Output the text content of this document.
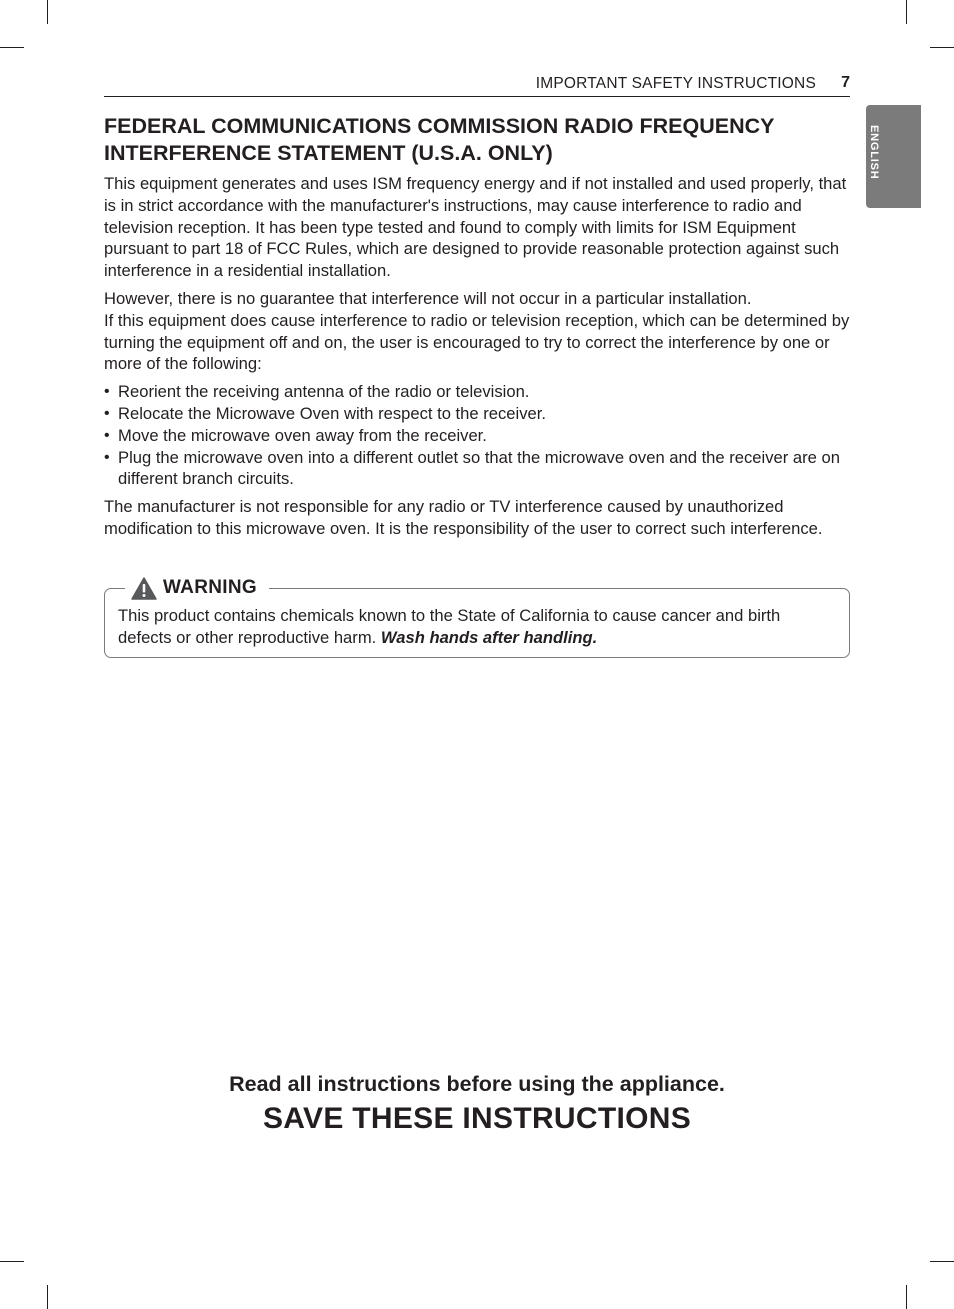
IMPORTANT SAFETY INSTRUCTIONS 7
ENGLISH
FEDERAL COMMUNICATIONS COMMISSION RADIO FREQUENCY
INTERFERENCE STATEMENT (U.S.A. ONLY)

This equipment generates and uses ISM frequency energy and if not installed and used properly, that is in strict accordance with the manufacturer's instructions, may cause interference to radio and television reception. It has been type tested and found to comply with limits for ISM Equipment pursuant to part 18 of FCC Rules, which are designed to provide reasonable protection against such interference in a residential installation.

However, there is no guarantee that interference will not occur in a particular installation.
If this equipment does cause interference to radio or television reception, which can be determined by turning the equipment off and on, the user is encouraged to try to correct the interference by one or more of the following:

• Reorient the receiving antenna of the radio or television.
• Relocate the Microwave Oven with respect to the receiver.
• Move the microwave oven away from the receiver.
• Plug the microwave oven into a different outlet so that the microwave oven and the receiver are on different branch circuits.

The manufacturer is not responsible for any radio or TV interference caused by unauthorized modification to this microwave oven. It is the responsibility of the user to correct such interference.

WARNING

This product contains chemicals known to the State of California to cause cancer and birth defects or other reproductive harm. Wash hands after handling.

Read all instructions before using the appliance.
SAVE THESE INSTRUCTIONS
